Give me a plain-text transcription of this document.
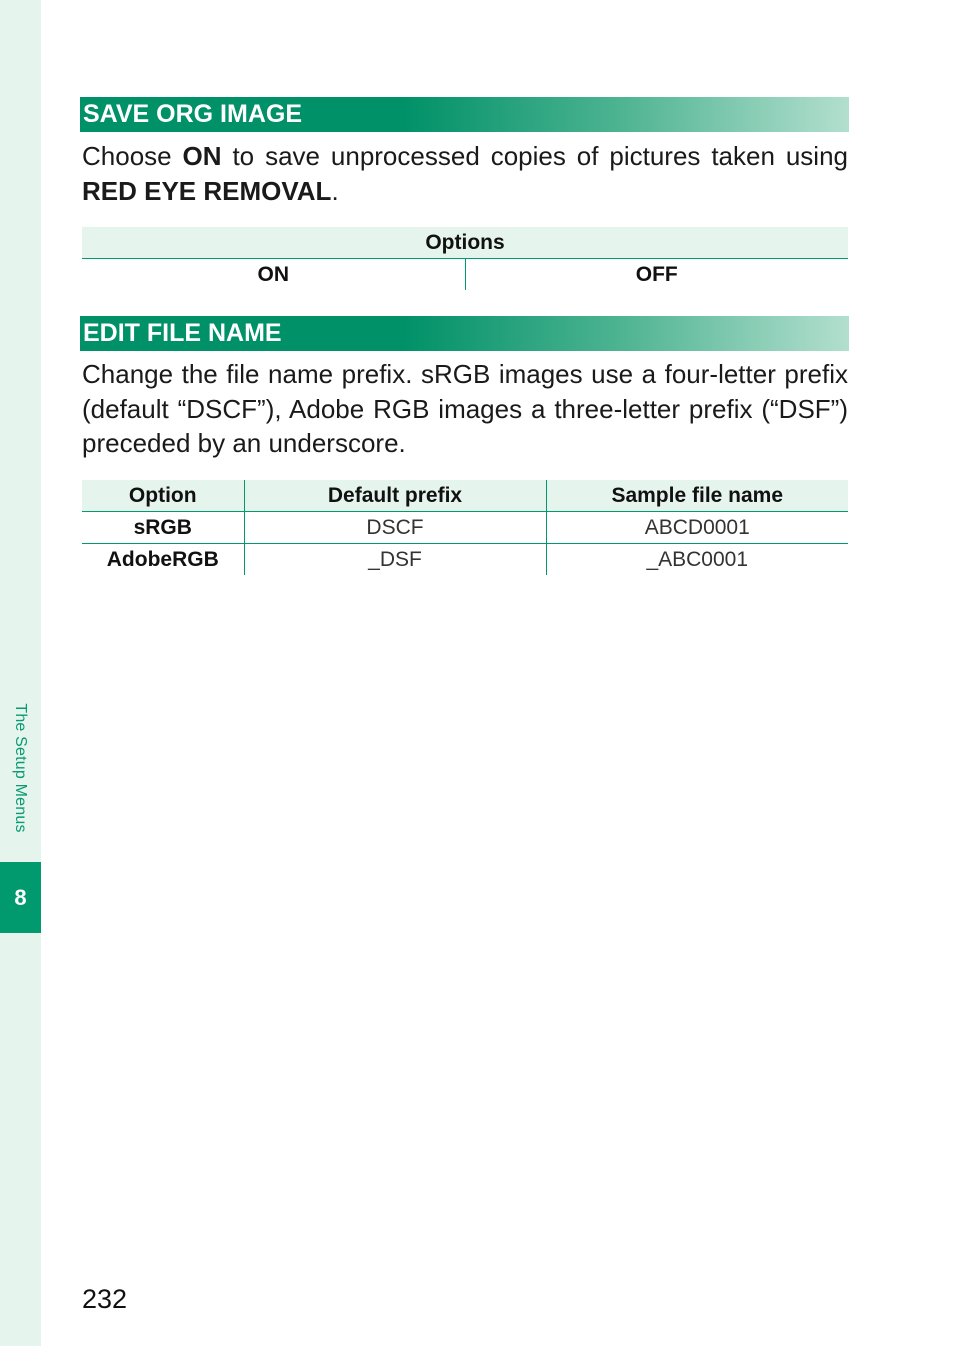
The Setup Menus
8
SAVE ORG IMAGE
Choose ON to save unprocessed copies of pictures taken using
RED EYE REMOVAL.
Options
ON	OFF
EDIT FILE NAME
Change the file name prefix. sRGB images use a four-letter prefix
(default “DSCF”), Adobe RGB images a three-letter prefix (“DSF”)
preceded by an underscore.
Option	Default prefix	Sample file name
sRGB	DSCF	ABCD0001
AdobeRGB	_DSF	_ABC0001
232
